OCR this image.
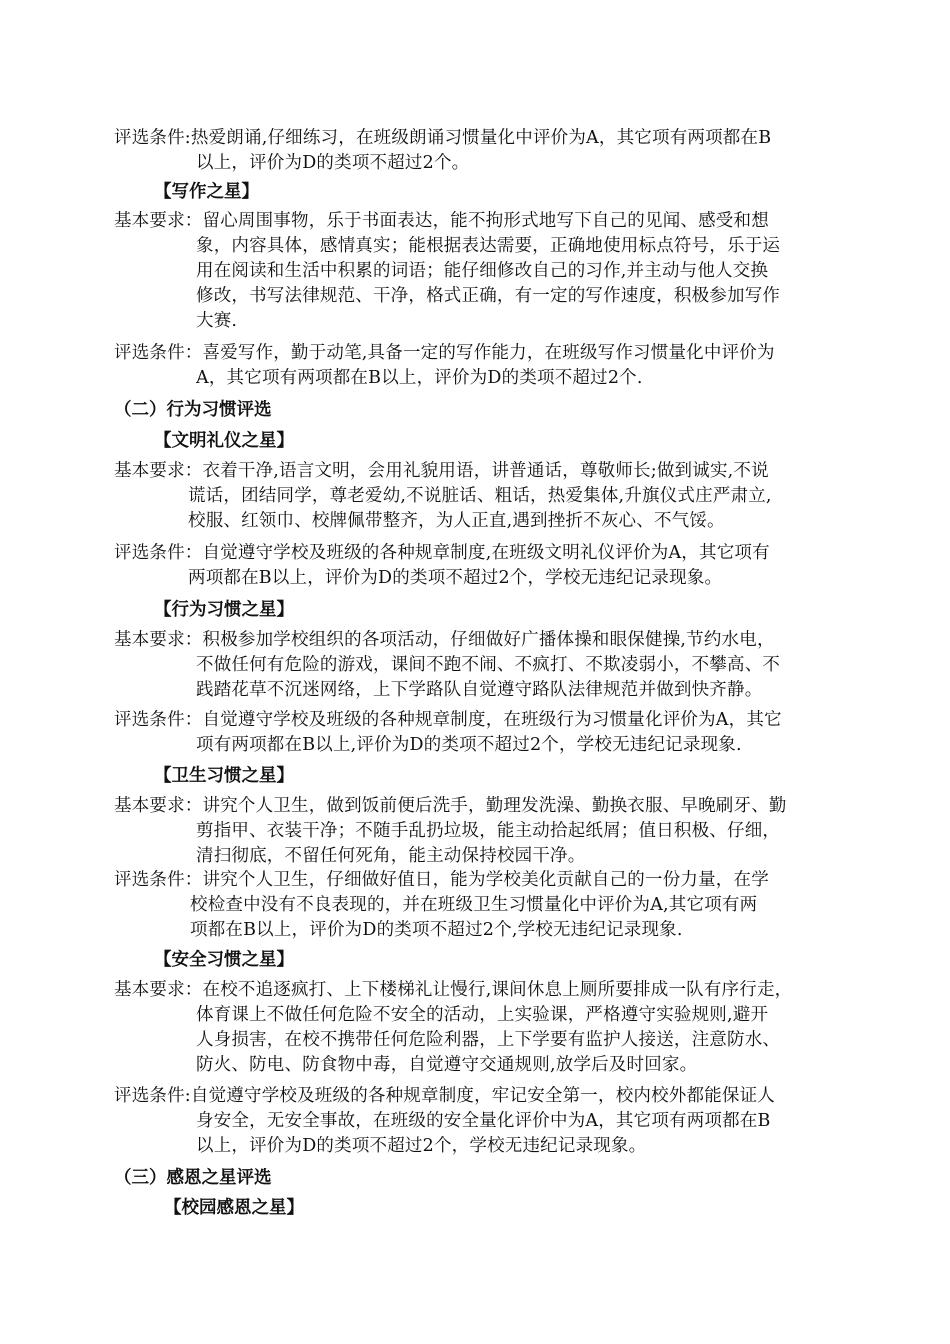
评选条件:热爱朗诵,仔细练习，在班级朗诵习惯量化中评价为A，其它项有两项都在B
以上，评价为D的类项不超过2个。
【写作之星】
基本要求：留心周围事物，乐于书面表达，能不拘形式地写下自己的见闻、感受和想
象，内容具体，感情真实；能根据表达需要，正确地使用标点符号，乐于运
用在阅读和生活中积累的词语；能仔细修改自己的习作,并主动与他人交换
修改，书写法律规范、干净，格式正确，有一定的写作速度，积极参加写作
大赛.
评选条件：喜爱写作，勤于动笔,具备一定的写作能力，在班级写作习惯量化中评价为
A，其它项有两项都在B以上，评价为D的类项不超过2个.
（二）行为习惯评选
【文明礼仪之星】
基本要求：衣着干净,语言文明，会用礼貌用语，讲普通话，尊敬师长;做到诚实,不说
谎话，团结同学，尊老爱幼,不说脏话、粗话，热爱集体,升旗仪式庄严肃立,
校服、红领巾、校牌佩带整齐，为人正直,遇到挫折不灰心、不气馁。
评选条件：自觉遵守学校及班级的各种规章制度,在班级文明礼仪评价为A，其它项有
两项都在B以上，评价为D的类项不超过2个，学校无违纪记录现象。
【行为习惯之星】
基本要求：积极参加学校组织的各项活动，仔细做好广播体操和眼保健操,节约水电，
不做任何有危险的游戏，课间不跑不闹、不疯打、不欺凌弱小，不攀高、不
践踏花草不沉迷网络，上下学路队自觉遵守路队法律规范并做到快齐静。
评选条件：自觉遵守学校及班级的各种规章制度，在班级行为习惯量化评价为A，其它
项有两项都在B以上,评价为D的类项不超过2个，学校无违纪记录现象.
【卫生习惯之星】
基本要求：讲究个人卫生，做到饭前便后洗手，勤理发洗澡、勤换衣服、早晚刷牙、勤
剪指甲、衣装干净；不随手乱扔垃圾，能主动拾起纸屑；值日积极、仔细，
清扫彻底，不留任何死角，能主动保持校园干净。
评选条件：讲究个人卫生，仔细做好值日，能为学校美化贡献自己的一份力量，在学
校检查中没有不良表现的，并在班级卫生习惯量化中评价为A,其它项有两
项都在B以上，评价为D的类项不超过2个,学校无违纪记录现象.
【安全习惯之星】
基本要求：在校不追逐疯打、上下楼梯礼让慢行,课间休息上厕所要排成一队有序行走，
体育课上不做任何危险不安全的活动，上实验课，严格遵守实验规则,避开
人身损害，在校不携带任何危险利器，上下学要有监护人接送，注意防水、
防火、防电、防食物中毒，自觉遵守交通规则,放学后及时回家。
评选条件:自觉遵守学校及班级的各种规章制度，牢记安全第一，校内校外都能保证人
身安全，无安全事故，在班级的安全量化评价中为A，其它项有两项都在B
以上，评价为D的类项不超过2个，学校无违纪记录现象。
（三）感恩之星评选
【校园感恩之星】
